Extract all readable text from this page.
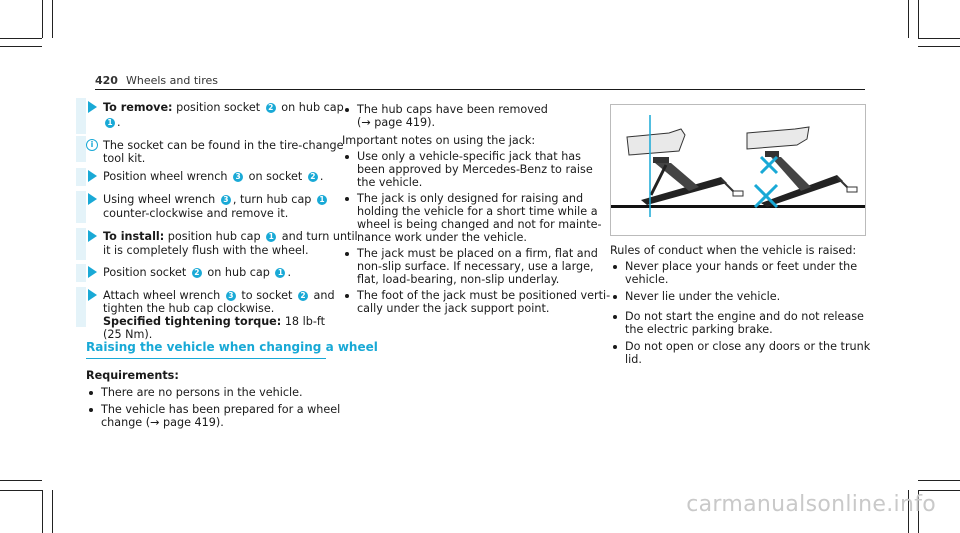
420 Wheels and tires
To remove: position socket 2 on hub cap
1 .
i The socket can be found in the tire-change
tool kit.
Position wheel wrench 3 on socket 2 .
Using wheel wrench 3 , turn hub cap 1
counter-clockwise and remove it.
To install: position hub cap 1 and turn until
it is completely flush with the wheel.
Position socket 2 on hub cap 1 .
Attach wheel wrench 3 to socket 2 and
tighten the hub cap clockwise.
Specified tightening torque: 18 lb-ft
(25 Nm).
Raising the vehicle when changing a wheel
Requirements:
There are no persons in the vehicle.
The vehicle has been prepared for a wheel
change (→ page 419).
The hub caps have been removed
(→ page 419).
Important notes on using the jack:
Use only a vehicle-specific jack that has
been approved by Mercedes-Benz to raise
the vehicle.
The jack is only designed for raising and
holding the vehicle for a short time while a
wheel is being changed and not for mainte-
nance work under the vehicle.
The jack must be placed on a firm, flat and
non-slip surface. If necessary, use a large,
flat, load-bearing, non-slip underlay.
The foot of the jack must be positioned verti-
cally under the jack support point.
Rules of conduct when the vehicle is raised:
Never place your hands or feet under the
vehicle.
Never lie under the vehicle.
Do not start the engine and do not release
the electric parking brake.
Do not open or close any doors or the trunk
lid.
carmanualsonline.info
